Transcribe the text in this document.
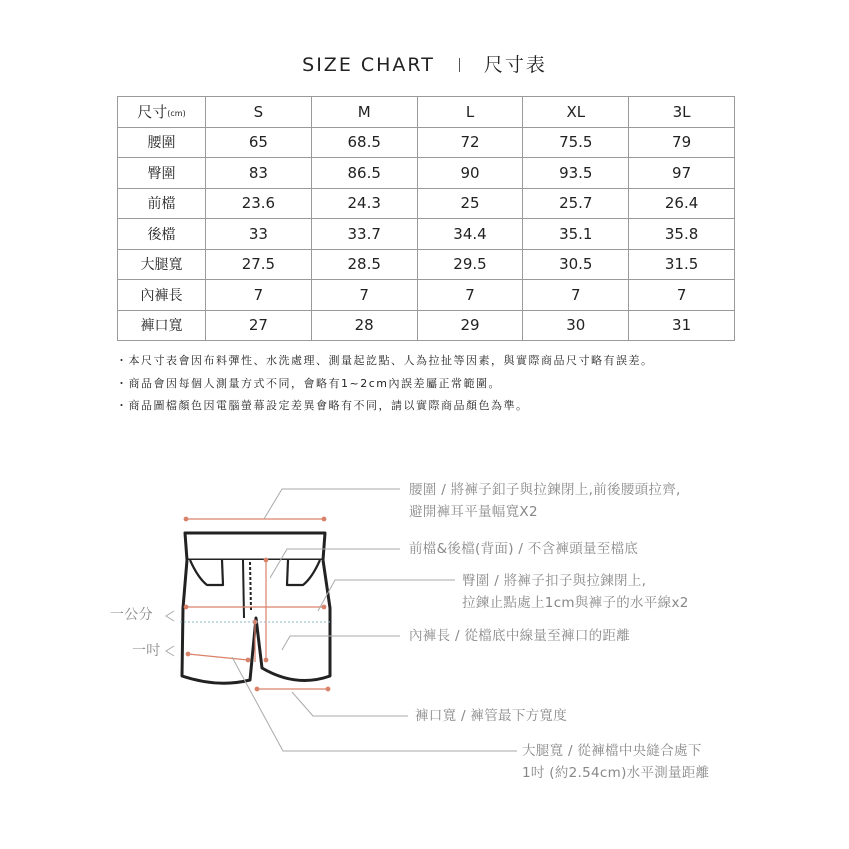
SIZE CHART	尺寸表
尺寸(cm)	S	M	L	XL	3L
腰圍	65	68.5	72	75.5	79
臀圍	83	86.5	90	93.5	97
前檔	23.6	24.3	25	25.7	26.4
後檔	33	33.7	34.4	35.1	35.8
大腿寬	27.5	28.5	29.5	30.5	31.5
內褲長	7	7	7	7	7
褲口寬	27	28	29	30	31
・本尺寸表會因布料彈性、水洗處理、測量起訖點、人為拉扯等因素，與實際商品尺寸略有誤差。
・商品會因每個人測量方式不同，會略有1~2cm內誤差屬正常範圍。
・商品圖檔顏色因電腦螢幕設定差異會略有不同，請以實際商品顏色為準。
一公分
一吋
腰圍 / 將褲子釦子與拉鍊閉上,前後腰頭拉齊,
避開褲耳平量幅寬X2
前檔&後檔(背面) / 不含褲頭量至檔底
臀圍 / 將褲子扣子與拉鍊閉上,
拉鍊止點處上1cm與褲子的水平線x2
內褲長 / 從檔底中線量至褲口的距離
褲口寬 / 褲管最下方寬度
大腿寬 / 從褲檔中央縫合處下
1吋 (約2.54cm)水平測量距離
